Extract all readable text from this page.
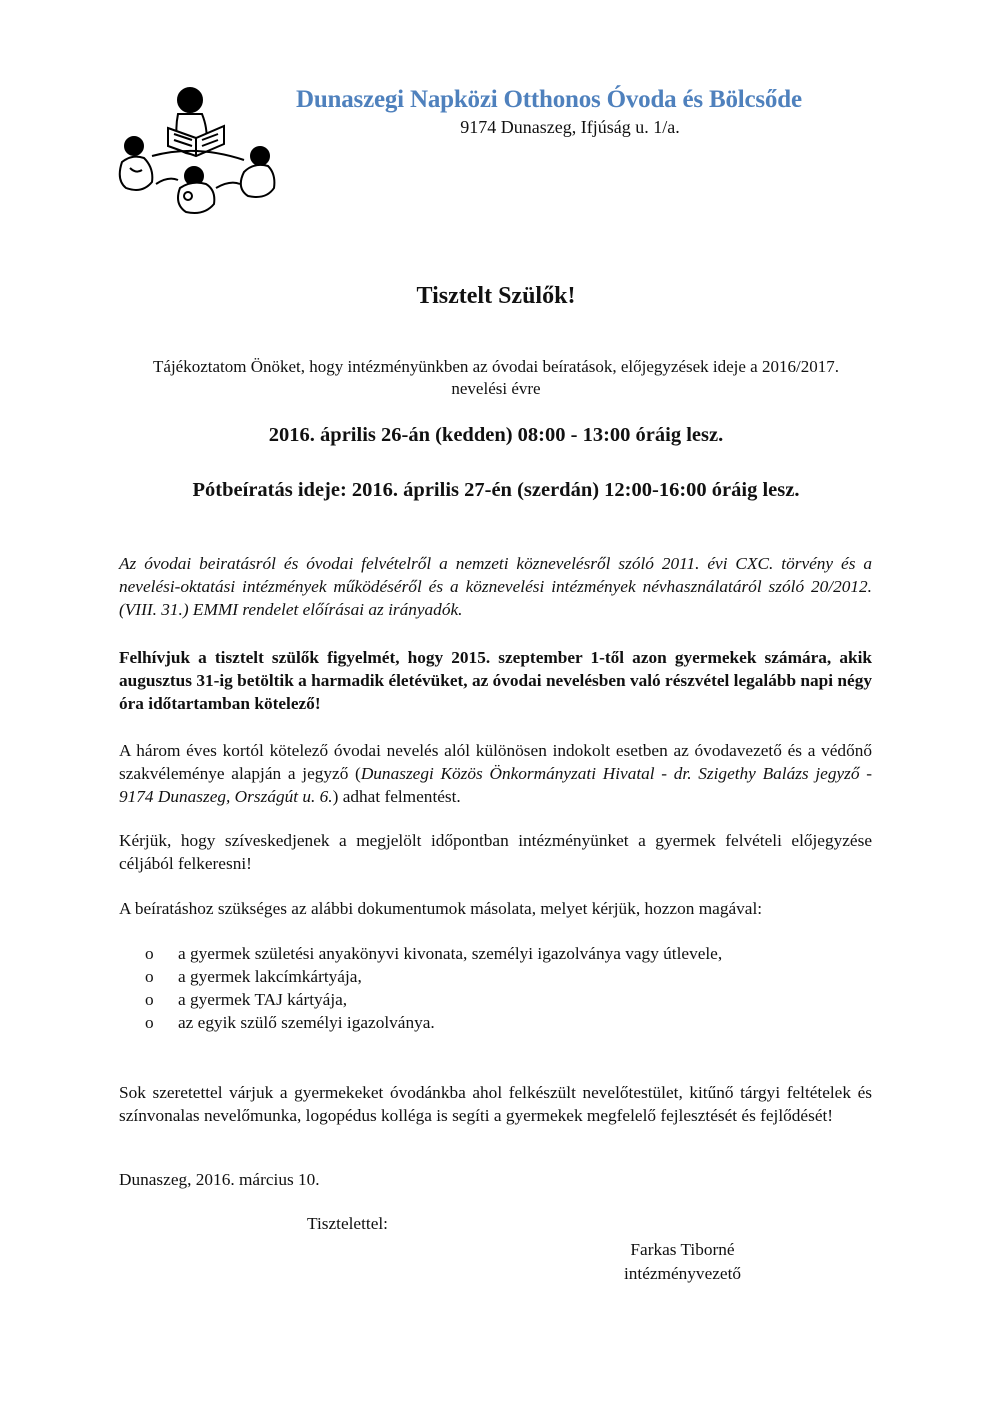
Dunaszegi Napközi Otthonos Óvoda és Bölcsőde
9174 Dunaszeg, Ifjúság u. 1/a.
Tisztelt Szülők!
Tájékoztatom Önöket, hogy intézményünkben az óvodai beíratások, előjegyzések ideje a 2016/2017. nevelési évre
2016. április 26-án (kedden) 08:00 - 13:00 óráig lesz.
Pótbeíratás ideje: 2016. április 27-én (szerdán) 12:00-16:00 óráig lesz.
Az óvodai beiratásról és óvodai felvételről a nemzeti köznevelésről szóló 2011. évi CXC. törvény és a nevelési-oktatási intézmények működéséről és a köznevelési intézmények névhasználatáról szóló 20/2012. (VIII. 31.) EMMI rendelet előírásai az irányadók.
Felhívjuk a tisztelt szülők figyelmét, hogy 2015. szeptember 1-től azon gyermekek számára, akik augusztus 31-ig betöltik a harmadik életévüket, az óvodai nevelésben való részvétel legalább napi négy óra időtartamban kötelező!
A három éves kortól kötelező óvodai nevelés alól különösen indokolt esetben az óvodavezető és a védőnő szakvéleménye alapján a jegyző (Dunaszegi Közös Önkormányzati Hivatal - dr. Szigethy Balázs jegyző - 9174 Dunaszeg, Országút u. 6.) adhat felmentést.
Kérjük, hogy szíveskedjenek a megjelölt időpontban intézményünket a gyermek felvételi előjegyzése céljából felkeresni!
A beíratáshoz szükséges az alábbi dokumentumok másolata, melyet kérjük, hozzon magával:
o a gyermek születési anyakönyvi kivonata, személyi igazolványa vagy útlevele,
o a gyermek lakcímkártyája,
o a gyermek TAJ kártyája,
o az egyik szülő személyi igazolványa.
Sok szeretettel várjuk a gyermekeket óvodánkba ahol felkészült nevelőtestület, kitűnő tárgyi feltételek és színvonalas nevelőmunka, logopédus kolléga is segíti a gyermekek megfelelő fejlesztését és fejlődését!
Dunaszeg, 2016. március 10.
Tisztelettel:
Farkas Tiborné
intézményvezető
